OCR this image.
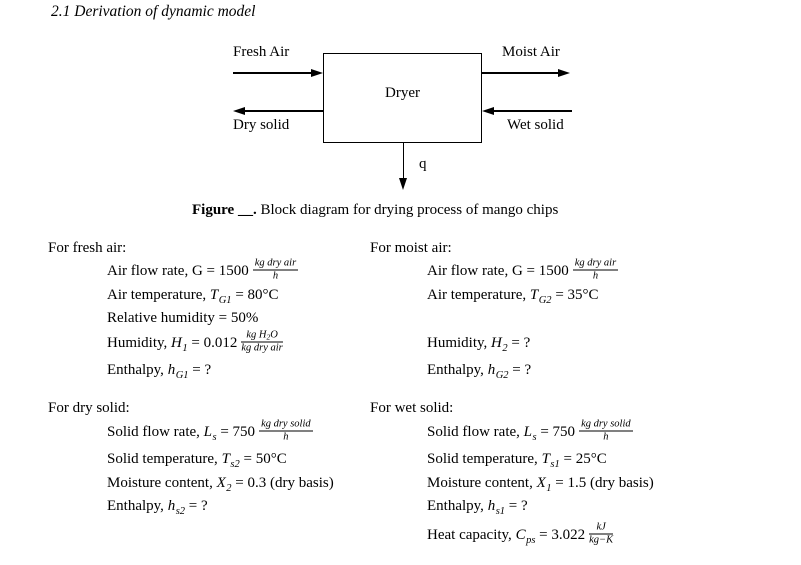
2.1 Derivation of dynamic model
Dryer
Fresh Air	Moist Air
Dry solid	Wet solid
q
Figure __. Block diagram for drying process of mango chips
For fresh air:
Air flow rate, $G = 1500 \frac{\text{kg dry air}}{h}$
Air temperature, $T_{G1} = 80^\circ C$
Relative humidity = 50%
Humidity, $H_1 = 0.012 \frac{\text{kg H2O}}{\text{kg dry air}}$
Enthalpy, $h_{G1}$ = ?
For moist air:
Air flow rate, $G = 1500 \frac{\text{kg dry air}}{h}$
Air temperature, $T_{G2} = 35^\circ C$
Humidity, $H_2$ = ?
Enthalpy, $h_{G2}$ = ?
For dry solid:
Solid flow rate, $L_s = 750 \frac{\text{kg dry solid}}{h}$
Solid temperature, $T_{s2} = 50^\circ C$
Moisture content, $X_2 = 0.3$ (dry basis)
Enthalpy, $h_{s2}$ = ?
For wet solid:
Solid flow rate, $L_s = 750 \frac{\text{kg dry solid}}{h}$
Solid temperature, $T_{s1} = 25^\circ C$
Moisture content, $X_1 = 1.5$ (dry basis)
Enthalpy, $h_{s1}$ = ?
Heat capacity, $C_{ps} = 3.022 \frac{kJ}{kg-K}$
